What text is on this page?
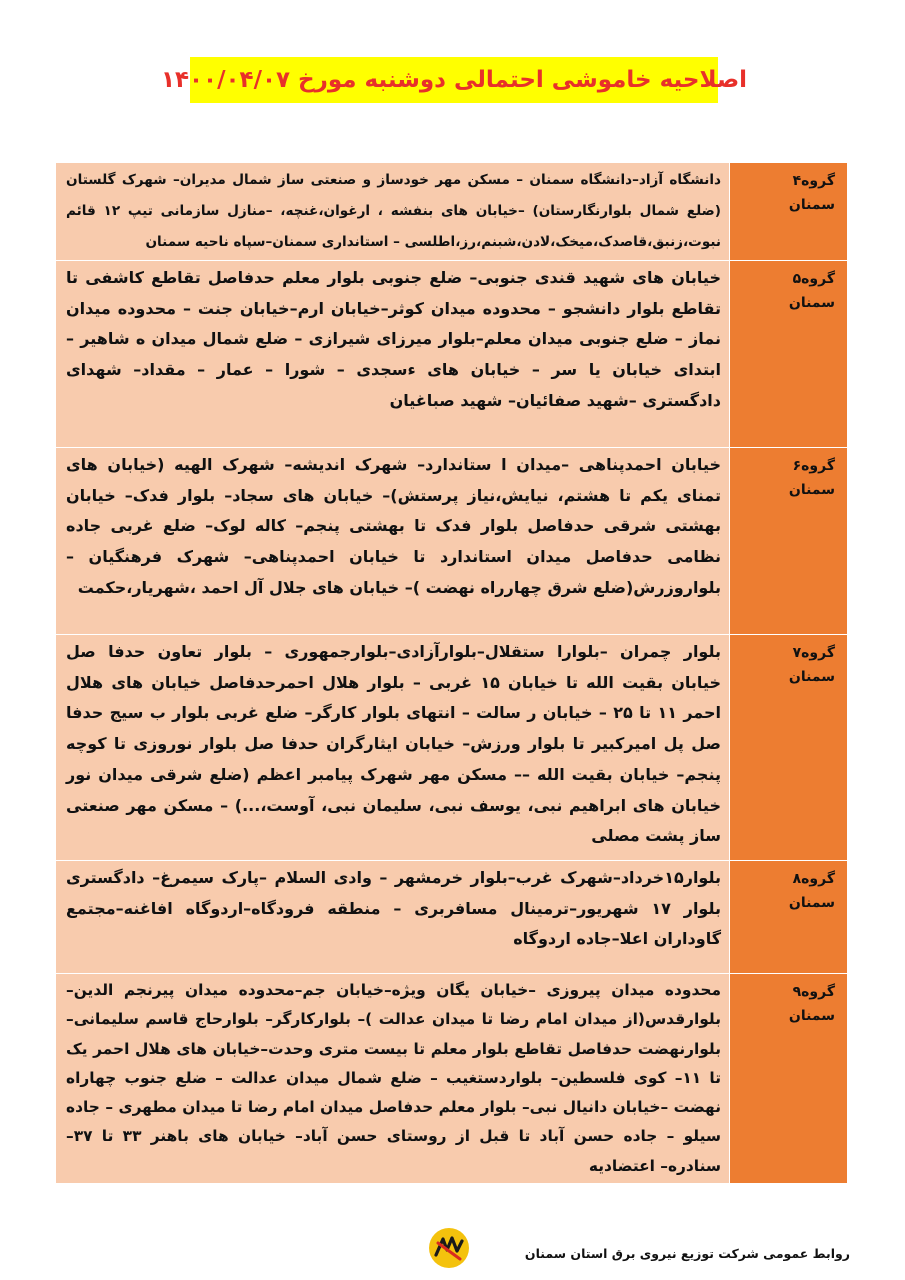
اصلاحیه خاموشی احتمالی دوشنبه مورخ ۱۴۰۰/۰۴/۰۷
گروه۴
سمنان	دانشگاه آزاد–دانشگاه سمنان – مسکن مهر خودساز و صنعتی ساز شمال مدیران– شهرک گلستان (ضلع شمال بلوارنگارستان) –خیابان های بنفشه ، ارغوان،غنچه، –منازل سازمانی تیپ ۱۲ قائم نبوت،زنبق،قاصدک،میخک،لادن،شبنم،رز،اطلسی – استانداری سمنان–سپاه ناحیه سمنان

گروه۵
سمنان	خیابان های شهید قندی جنوبی– ضلع جنوبی بلوار معلم حدفاصل تقاطع کاشفی تا تقاطع بلوار دانشجو – محدوده میدان کوثر–خیابان ارم–خیابان جنت – محدوده میدان نماز – ضلع جنوبی میدان معلم–بلوار میرزای شیرازی – ضلع شمال میدان ه شاهیر – ابتدای خیابان یا سر – خیابان های ءسجدی – شورا – عمار – مقداد– شهدای دادگستری –شهید صفائیان– شهید صباغیان

گروه۶
سمنان	خیابان احمدپناهی –میدان ا ستاندارد– شهرک اندیشه– شهرک الهیه (خیابان های تمنای یکم تا هشتم، نیایش،نیاز پرستش)– خیابان های سجاد– بلوار فدک– خیابان بهشتی شرقی حدفاصل بلوار فدک تا بهشتی پنجم– کاله لوک– ضلع غربی جاده نظامی حدفاصل میدان استاندارد تا خیابان احمدپناهی– شهرک فرهنگیان –بلواروزرش(ضلع شرق چهارراه نهضت )– خیابان های جلال آل احمد ،شهریار،حکمت

گروه۷
سمنان	بلوار چمران –بلوارا ستقلال–بلوارآزادی–بلوارجمهوری – بلوار تعاون حدفا صل خیابان بقیت الله تا خیابان ۱۵ غربی – بلوار هلال احمرحدفاصل خیابان های هلال احمر ۱۱ تا ۲۵ – خیابان ر سالت – انتهای بلوار کارگر– ضلع غربی بلوار ب سیج حدفا صل پل امیرکبیر تا بلوار ورزش– خیابان ایثارگران حدفا صل بلوار نوروزی تا کوچه پنجم– خیابان بقیت الله –– مسکن مهر شهرک پیامبر اعظم (ضلع شرقی میدان نور خیابان های ابراهیم نبی، یوسف نبی، سلیمان نبی، آوست،...) – مسکن مهر صنعتی ساز پشت مصلی

گروه۸
سمنان	بلوار۱۵خرداد–شهرک غرب–بلوار خرمشهر – وادی السلام –پارک سیمرغ– دادگستری بلوار ۱۷ شهریور–ترمینال مسافربری – منطقه فرودگاه–اردوگاه افاغنه–مجتمع گاوداران اعلا–جاده اردوگاه

گروه۹
سمنان	محدوده میدان پیروزی –خیابان یگان ویژه–خیابان جم–محدوده میدان پیرنجم الدین–بلوارقدس(از میدان امام رضا تا میدان عدالت )– بلوارکارگر– بلوارحاج قاسم سلیمانی– بلوارنهضت حدفاصل تقاطع بلوار معلم تا بیست متری وحدت–خیابان های هلال احمر یک تا ۱۱– کوی فلسطین– بلواردستغیب – ضلع شمال میدان عدالت – ضلع جنوب چهاراه نهضت –خیابان دانیال نبی– بلوار معلم حدفاصل میدان امام رضا تا میدان مطهری – جاده سیلو – جاده حسن آباد تا قبل از روستای حسن آباد– خیابان های باهنر ۳۳ تا ۳۷– سنادره– اعتضادیه
روابط عمومی شرکت توزیع نیروی برق استان سمنان
